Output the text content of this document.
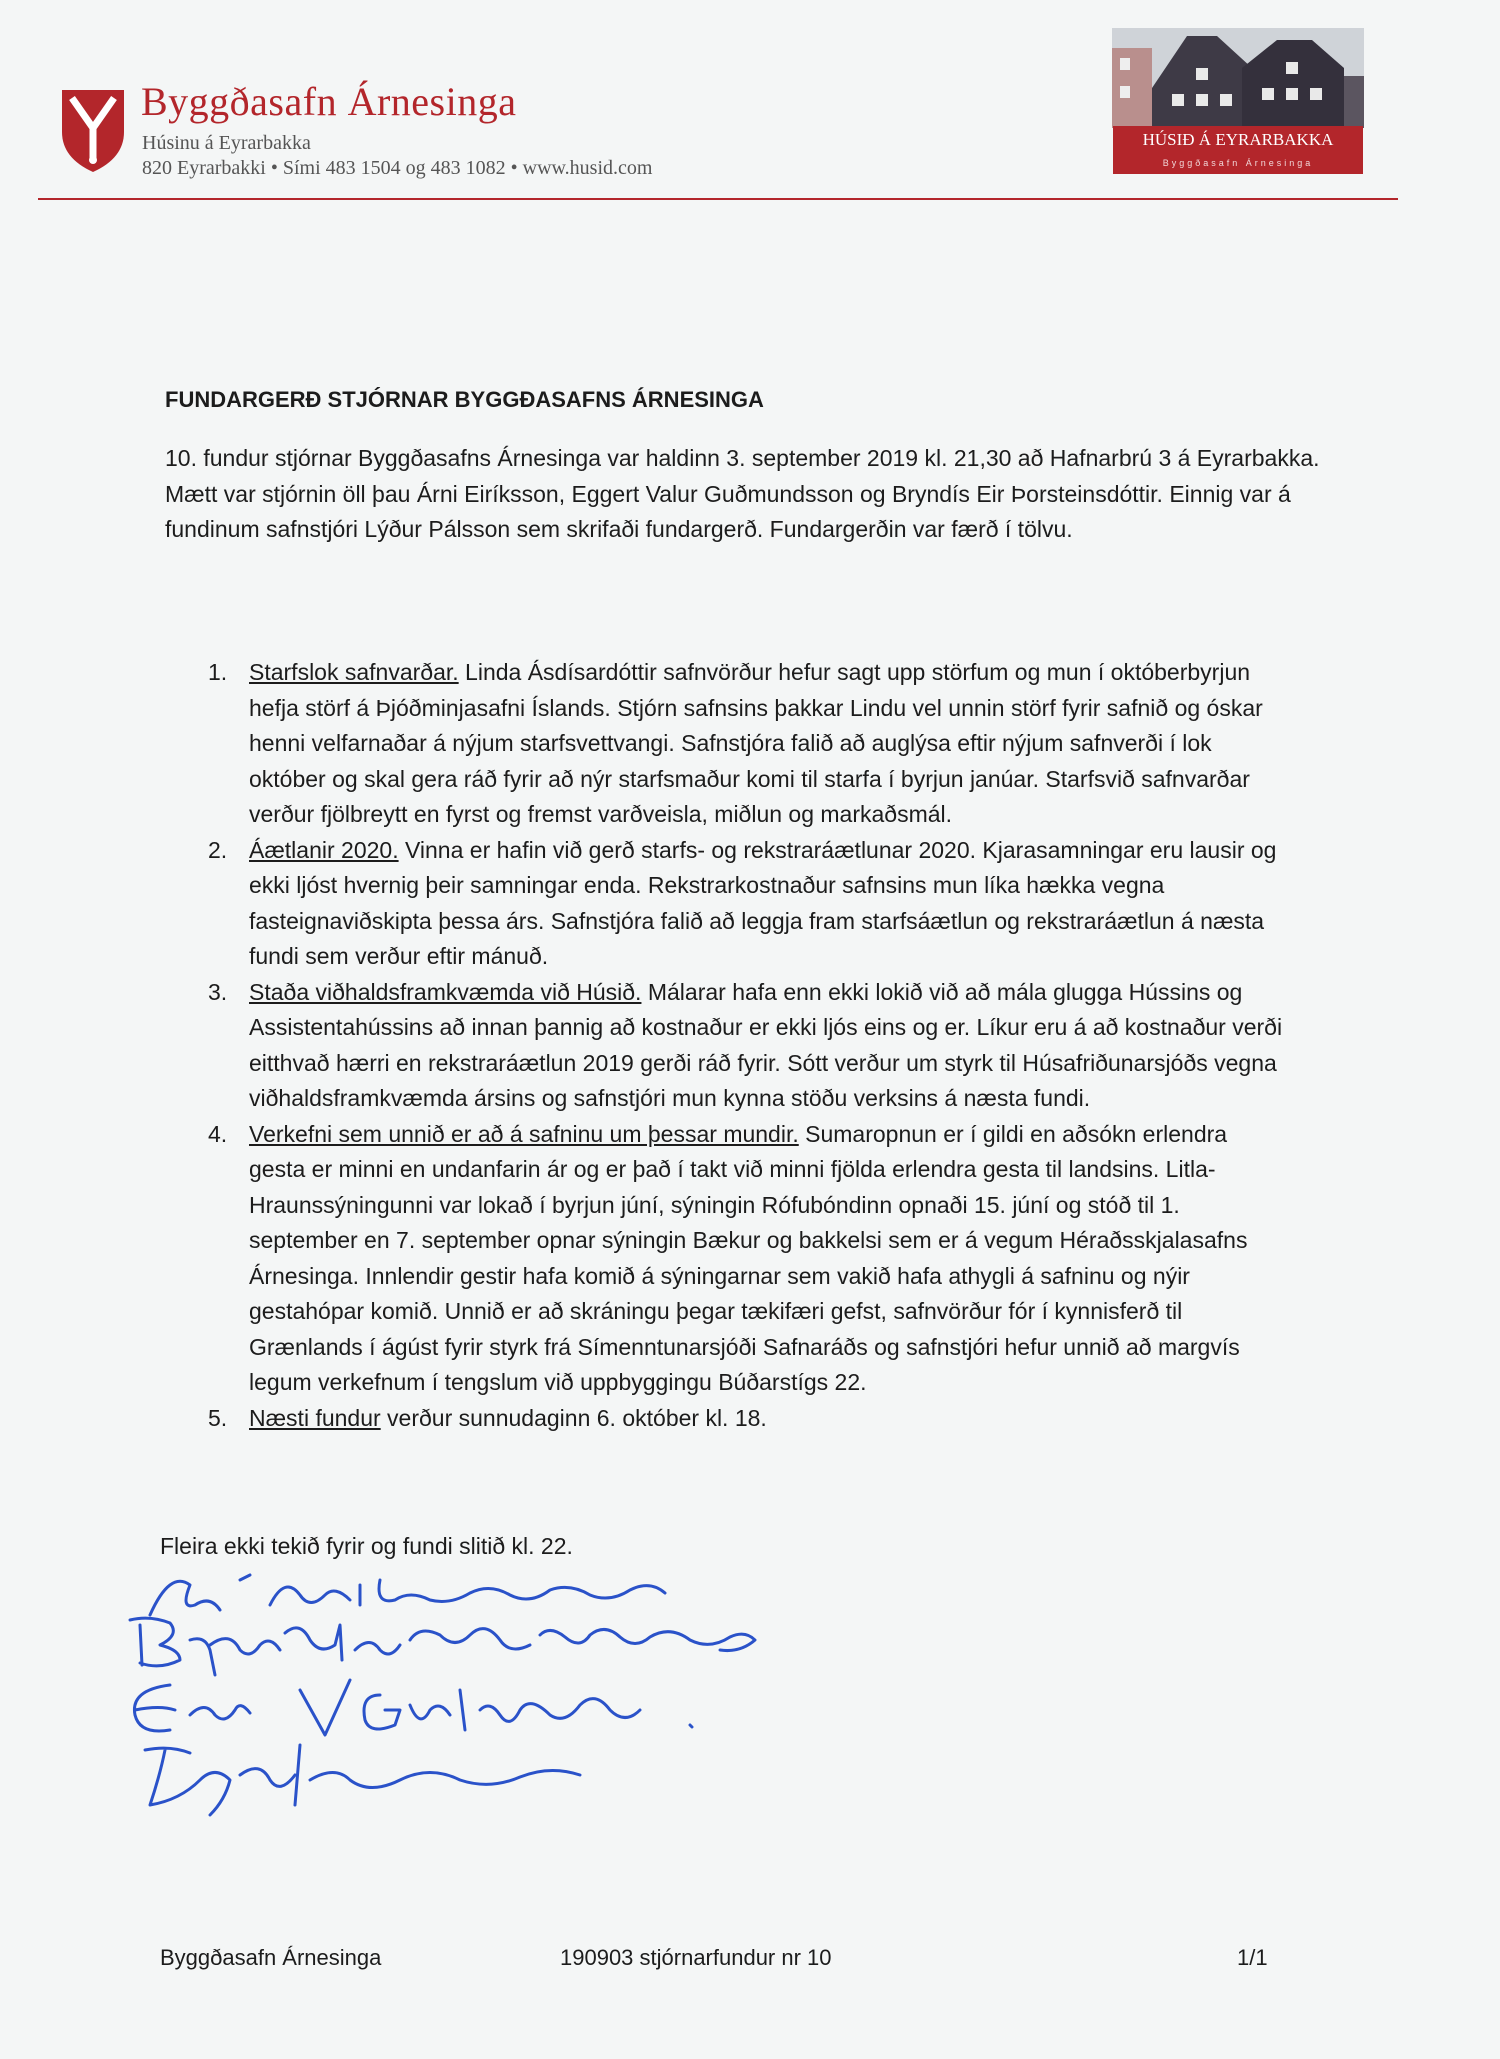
Byggðasafn Árnesinga
Húsinu á Eyrarbakka
820 Eyrarbakki • Sími 483 1504 og 483 1082 • www.husid.com
HÚSIÐ Á EYRARBAKKA
Byggðasafn Árnesinga
FUNDARGERÐ STJÓRNAR BYGGÐASAFNS ÁRNESINGA

10. fundur stjórnar Byggðasafns Árnesinga var haldinn 3. september 2019 kl. 21,30 að Hafnarbrú 3 á Eyrarbakka. Mætt var stjórnin öll þau Árni Eiríksson, Eggert Valur Guðmundsson og Bryndís Eir Þorsteinsdóttir. Einnig var á fundinum safnstjóri Lýður Pálsson sem skrifaði fundargerð. Fundargerðin var færð í tölvu.

1. Starfslok safnvarðar. Linda Ásdísardóttir safnvörður hefur sagt upp störfum og mun í októberbyrjun hefja störf á Þjóðminjasafni Íslands. Stjórn safnsins þakkar Lindu vel unnin störf fyrir safnið og óskar henni velfarnaðar á nýjum starfsvettvangi. Safnstjóra falið að auglýsa eftir nýjum safnverði í lok október og skal gera ráð fyrir að nýr starfsmaður komi til starfa í byrjun janúar. Starfsvið safnvarðar verður fjölbreytt en fyrst og fremst varðveisla, miðlun og markaðsmál.
2. Áætlanir 2020. Vinna er hafin við gerð starfs- og rekstraráætlunar 2020. Kjarasamningar eru lausir og ekki ljóst hvernig þeir samningar enda. Rekstrarkostnaður safnsins mun líka hækka vegna fasteignaviðskipta þessa árs. Safnstjóra falið að leggja fram starfsáætlun og rekstraráætlun á næsta fundi sem verður eftir mánuð.
3. Staða viðhaldsframkvæmda við Húsið. Málarar hafa enn ekki lokið við að mála glugga Hússins og Assistentahússins að innan þannig að kostnaður er ekki ljós eins og er. Líkur eru á að kostnaður verði eitthvað hærri en rekstraráætlun 2019 gerði ráð fyrir. Sótt verður um styrk til Húsafriðunarsjóðs vegna viðhaldsframkvæmda ársins og safnstjóri mun kynna stöðu verksins á næsta fundi.
4. Verkefni sem unnið er að á safninu um þessar mundir. Sumaropnun er í gildi en aðsókn erlendra gesta er minni en undanfarin ár og er það í takt við minni fjölda erlendra gesta til landsins. Litla-Hraunssýningunni var lokað í byrjun júní, sýningin Rófubóndinn opnaði 15. júní og stóð til 1. september en 7. september opnar sýningin Bækur og bakkelsi sem er á vegum Héraðsskjalasafns Árnesinga. Innlendir gestir hafa komið á sýningarnar sem vakið hafa athygli á safninu og nýir gestahópar komið. Unnið er að skráningu þegar tækifæri gefst, safnvörður fór í kynnisferð til Grænlands í ágúst fyrir styrk frá Símenntunarsjóði Safnaráðs og safnstjóri hefur unnið að margvís legum verkefnum í tengslum við uppbyggingu Búðarstígs 22.
5. Næsti fundur verður sunnudaginn 6. október kl. 18.
Fleira ekki tekið fyrir og fundi slitið kl. 22.
Byggðasafn Árnesinga	190903 stjórnarfundur nr 10	1/1
